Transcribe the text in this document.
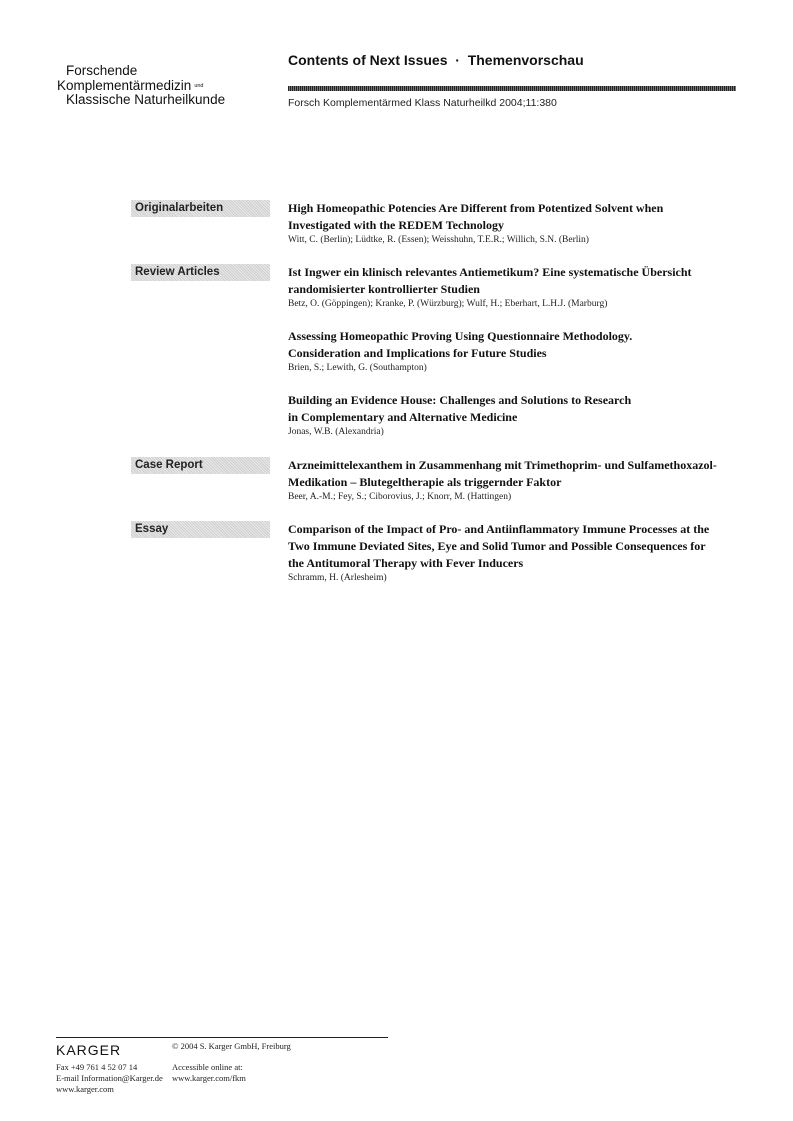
Forschende
Komplementärmedizin und
Klassische Naturheilkunde
Contents of Next Issues  ·  Themenvorschau
Forsch Komplementärmed Klass Naturheilkd 2004;11:380
Originalarbeiten
Review Articles
Case Report
Essay
High Homeopathic Potencies Are Different from Potentized Solvent when
Investigated with the REDEM Technology
Witt, C. (Berlin); Lüdtke, R. (Essen); Weisshuhn, T.E.R.; Willich, S.N. (Berlin)
Ist Ingwer ein klinisch relevantes Antiemetikum? Eine systematische Übersicht
randomisierter kontrollierter Studien
Betz, O. (Göppingen); Kranke, P. (Würzburg); Wulf, H.; Eberhart, L.H.J. (Marburg)
Assessing Homeopathic Proving Using Questionnaire Methodology.
Consideration and Implications for Future Studies
Brien, S.; Lewith, G. (Southampton)
Building an Evidence House: Challenges and Solutions to Research
in Complementary and Alternative Medicine
Jonas, W.B. (Alexandria)
Arzneimittelexanthem in Zusammenhang mit Trimethoprim- und Sulfamethoxazol-
Medikation – Blutegeltherapie als triggernder Faktor
Beer, A.-M.; Fey, S.; Ciborovius, J.; Knorr, M. (Hattingen)
Comparison of the Impact of Pro- and Antiinflammatory Immune Processes at the
Two Immune Deviated Sites, Eye and Solid Tumor and Possible Consequences for
the Antitumoral Therapy with Fever Inducers
Schramm, H. (Arlesheim)
KARGER	© 2004 S. Karger GmbH, Freiburg
Fax +49 761 4 52 07 14
E-mail Information@Karger.de
www.karger.com
Accessible online at:
www.karger.com/fkm
